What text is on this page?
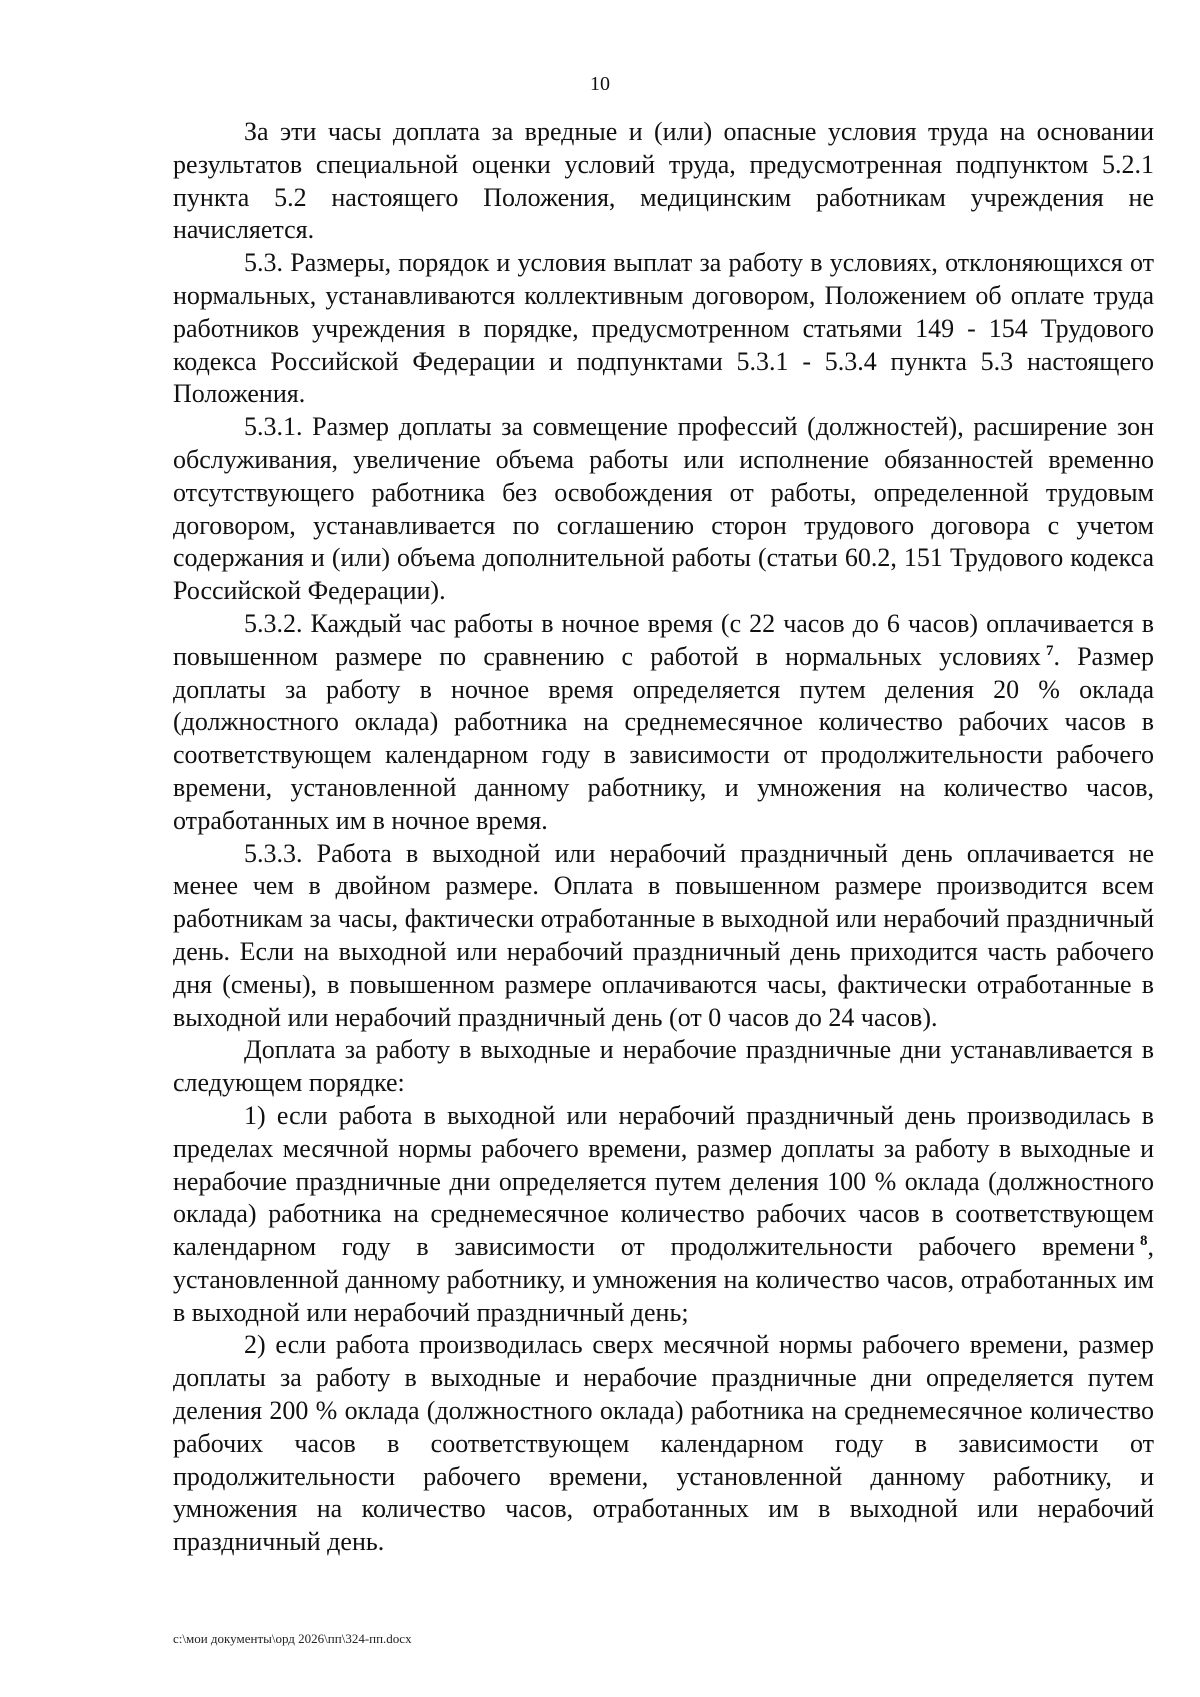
10

За эти часы доплата за вредные и (или) опасные условия труда на основании результатов специальной оценки условий труда, предусмотренная подпунктом 5.2.1 пункта 5.2 настоящего Положения, медицинским работникам учреждения не начисляется.

5.3. Размеры, порядок и условия выплат за работу в условиях, отклоняющихся от нормальных, устанавливаются коллективным договором, Положением об оплате труда работников учреждения в порядке, предусмотренном статьями 149 - 154 Трудового кодекса Российской Федерации и подпунктами 5.3.1 - 5.3.4 пункта 5.3 настоящего Положения.

5.3.1. Размер доплаты за совмещение профессий (должностей), расширение зон обслуживания, увеличение объема работы или исполнение обязанностей временно отсутствующего работника без освобождения от работы, определенной трудовым договором, устанавливается по соглашению сторон трудового договора с учетом содержания и (или) объема дополнительной работы (статьи 60.2, 151 Трудового кодекса Российской Федерации).

5.3.2. Каждый час работы в ночное время (с 22 часов до 6 часов) оплачивается в повышенном размере по сравнению с работой в нормальных условиях  $^7$. Размер доплаты за работу в ночное время определяется путем деления 20 % оклада (должностного оклада) работника на среднемесячное количество рабочих часов в соответствующем календарном году в зависимости от продолжительности рабочего времени, установленной данному работнику, и умножения на количество часов, отработанных им в ночное время.

5.3.3. Работа в выходной или нерабочий праздничный день оплачивается не менее чем в двойном размере. Оплата в повышенном размере производится всем работникам за часы, фактически отработанные в выходной или нерабочий праздничный день. Если на выходной или нерабочий праздничный день приходится часть рабочего дня (смены), в повышенном размере оплачиваются часы, фактически отработанные в выходной или нерабочий праздничный день (от 0 часов до 24 часов).

Доплата за работу в выходные и нерабочие праздничные дни устанавливается в следующем порядке:

1) если работа в выходной или нерабочий праздничный день производилась в пределах месячной нормы рабочего времени, размер доплаты за работу в выходные и нерабочие праздничные дни определяется путем деления 100 % оклада (должностного оклада) работника на среднемесячное количество рабочих часов в соответствующем календарном году в зависимости от продолжительности рабочего времени  $^8$, установленной данному работнику, и умножения на количество часов, отработанных им в выходной или нерабочий праздничный день;

2) если работа производилась сверх месячной нормы рабочего времени, размер доплаты за работу в выходные и нерабочие праздничные дни определяется путем деления 200 % оклада (должностного оклада) работника на среднемесячное количество рабочих часов в соответствующем календарном году в зависимости от продолжительности рабочего времени, установленной данному работнику, и умножения на количество часов, отработанных им в выходной или нерабочий праздничный день.

c:\мои документы\орд 2026\пп\324-пп.docx
